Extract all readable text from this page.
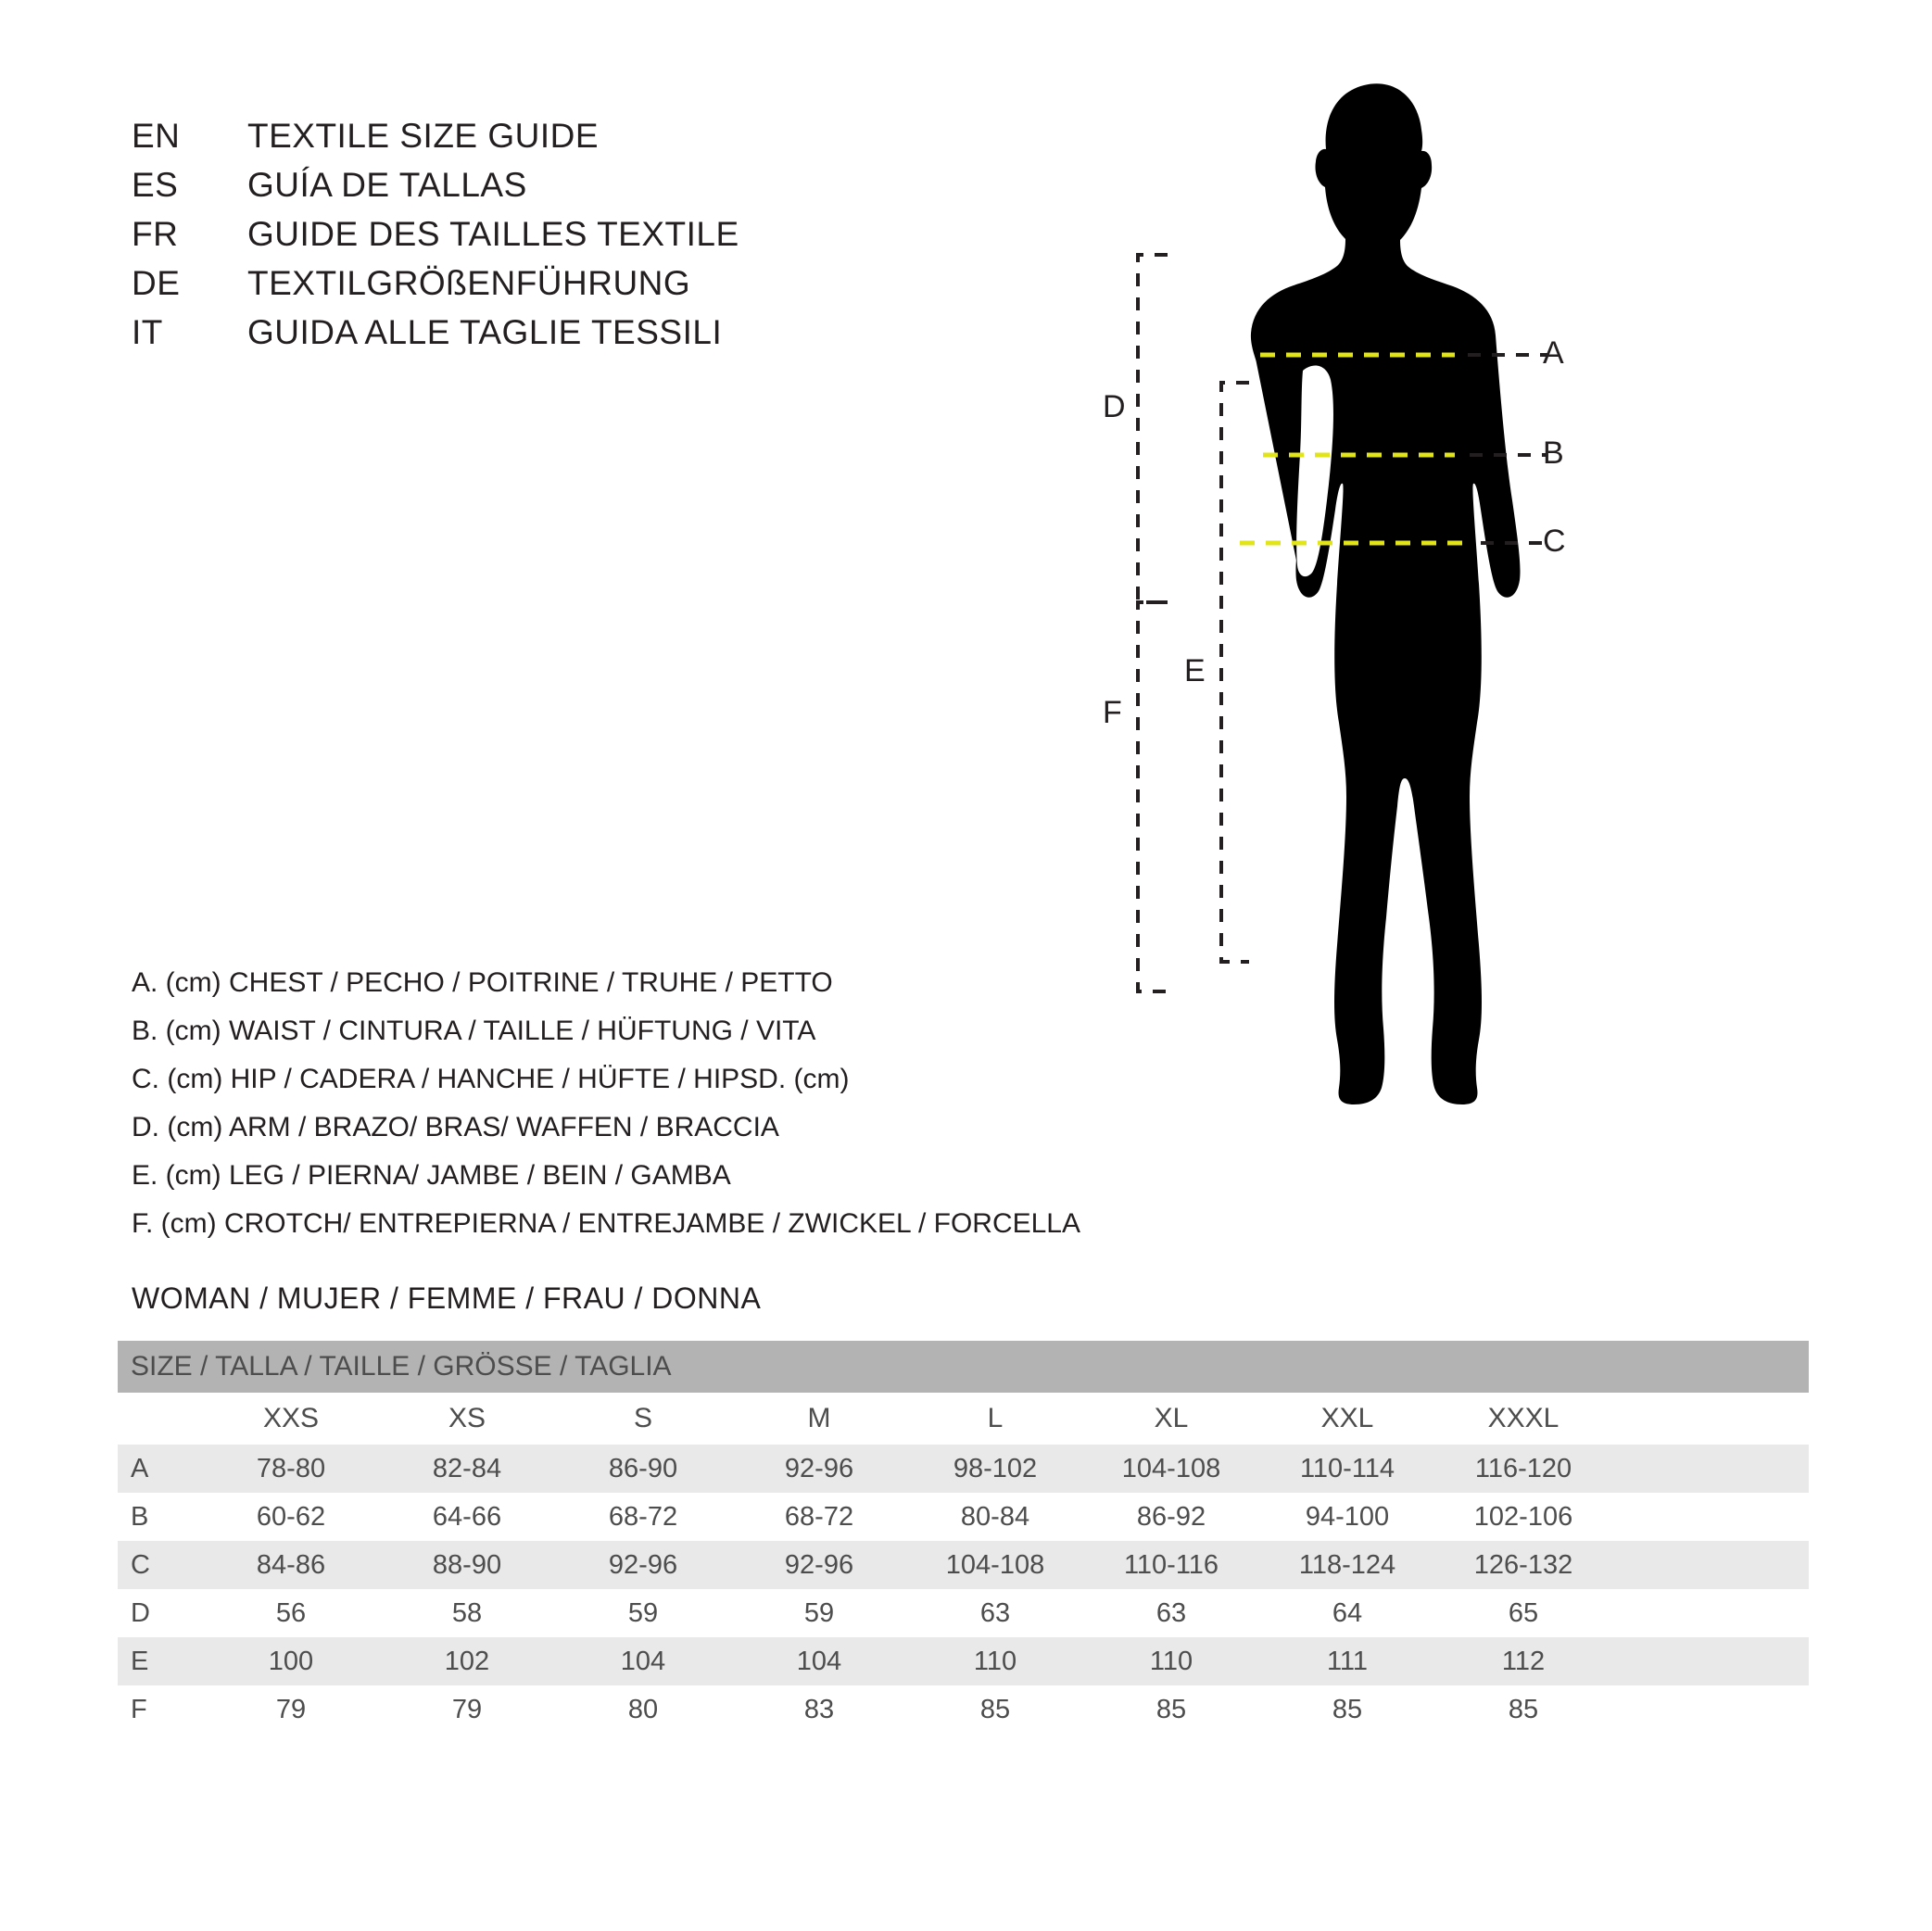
EN	TEXTILE SIZE GUIDE
ES	GUÍA DE TALLAS
FR	GUIDE DES TAILLES TEXTILE
DE	TEXTILGRÖßENFÜHRUNG
IT	GUIDA ALLE TAGLIE TESSILI
A. (cm) CHEST / PECHO / POITRINE / TRUHE / PETTO
B. (cm) WAIST / CINTURA / TAILLE / HÜFTUNG / VITA
C. (cm) HIP / CADERA / HANCHE / HÜFTE / HIPSD. (cm)
D. (cm) ARM / BRAZO/ BRAS/ WAFFEN / BRACCIA
E. (cm) LEG / PIERNA/ JAMBE / BEIN / GAMBA
F. (cm) CROTCH/ ENTREPIERNA / ENTREJAMBE / ZWICKEL / FORCELLA
WOMAN / MUJER / FEMME / FRAU / DONNA
A
B
C
D
E
F
SIZE / TALLA / TAILLE / GRÖSSE / TAGLIA									
	XXS	XS	S	M	L	XL	XXL	XXXL	
A	78-80	82-84	86-90	92-96	98-102	104-108	110-114	116-120	
B	60-62	64-66	68-72	68-72	80-84	86-92	94-100	102-106	
C	84-86	88-90	92-96	92-96	104-108	110-116	118-124	126-132	
D	56	58	59	59	63	63	64	65	
E	100	102	104	104	110	110	111	112	
F	79	79	80	83	85	85	85	85	
